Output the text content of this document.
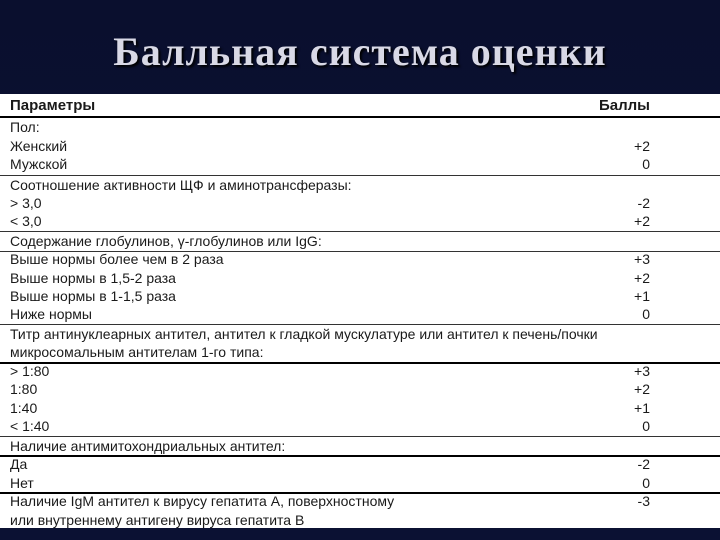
Балльная система оценки
Параметры	Баллы
Пол:
Женский	+2
Мужской	0
Соотношение активности ЩФ и аминотрансферазы:
> 3,0	-2
< 3,0	+2
Содержание глобулинов, γ-глобулинов или IgG:
Выше нормы более чем в 2 раза	+3
Выше нормы в 1,5-2 раза	+2
Выше нормы в 1-1,5 раза	+1
Ниже нормы	0
Титр антинуклеарных антител, антител к гладкой мускулатуре или антител к печень/почки
микросомальным антителам 1-го типа:
> 1:80	+3
1:80	+2
1:40	+1
< 1:40	0
Наличие антимитохондриальных антител:
Да	-2
Нет	0
Наличие IgM антител к вирусу гепатита А, поверхностному	-3
или внутреннему антигену вируса гепатита В
